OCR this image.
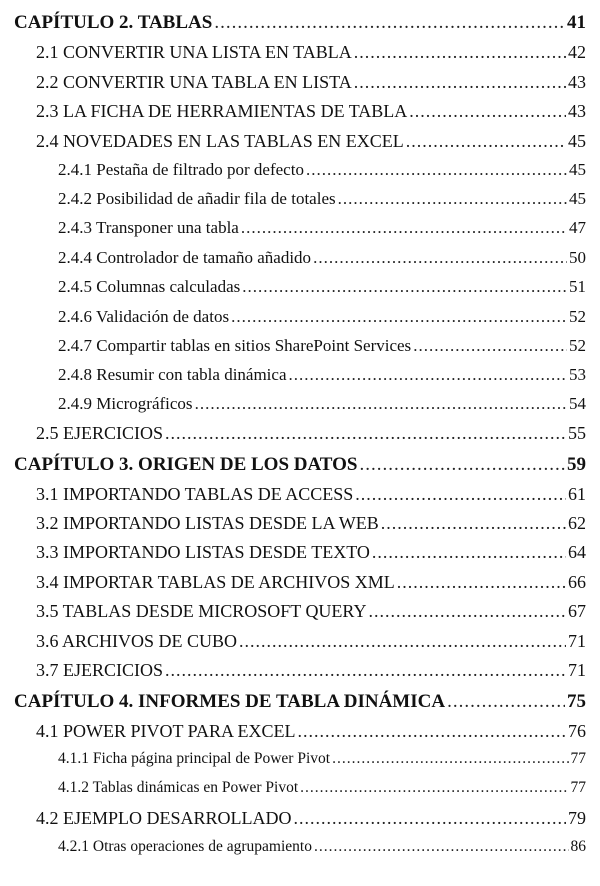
CAPÍTULO 2. TABLAS .....	41
2.1 CONVERTIR UNA LISTA EN TABLA .....	42
2.2 CONVERTIR UNA TABLA EN LISTA .....	43
2.3 LA FICHA DE HERRAMIENTAS DE TABLA .....	43
2.4 NOVEDADES EN LAS TABLAS EN EXCEL .....	45
2.4.1 Pestaña de filtrado por defecto .....	45
2.4.2 Posibilidad de añadir fila de totales .....	45
2.4.3 Transponer una tabla .....	47
2.4.4 Controlador de tamaño añadido .....	50
2.4.5 Columnas calculadas .....	51
2.4.6 Validación de datos .....	52
2.4.7 Compartir tablas en sitios SharePoint Services .....	52
2.4.8 Resumir con tabla dinámica .....	53
2.4.9 Micrográficos .....	54
2.5 EJERCICIOS .....	55
CAPÍTULO 3. ORIGEN DE LOS DATOS .....	59
3.1 IMPORTANDO TABLAS DE ACCESS .....	61
3.2 IMPORTANDO LISTAS DESDE LA WEB .....	62
3.3 IMPORTANDO LISTAS DESDE TEXTO .....	64
3.4 IMPORTAR TABLAS DE ARCHIVOS XML .....	66
3.5 TABLAS DESDE MICROSOFT QUERY .....	67
3.6 ARCHIVOS DE CUBO .....	71
3.7 EJERCICIOS .....	71
CAPÍTULO 4. INFORMES DE TABLA DINÁMICA .....	75
4.1 POWER PIVOT PARA EXCEL .....	76
4.1.1 Ficha página principal de Power Pivot .....	77
4.1.2 Tablas dinámicas en Power Pivot .....	77
4.2 EJEMPLO DESARROLLADO .....	79
4.2.1 Otras operaciones de agrupamiento .....	86
